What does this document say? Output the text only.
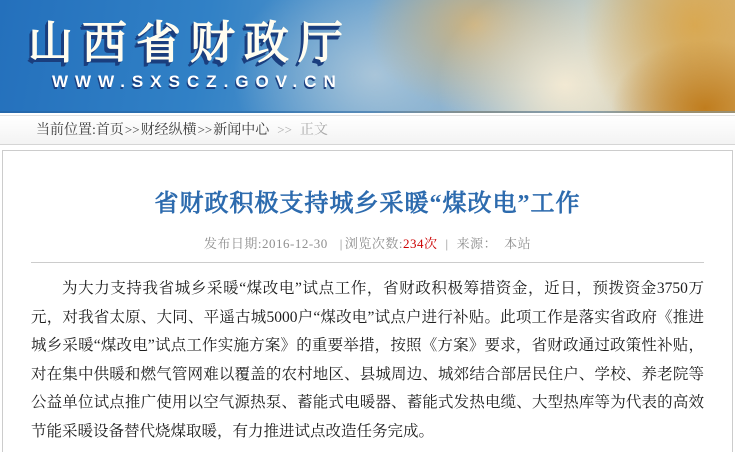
山西省财政厅
WWW.SXSCZ.GOV.CN
当前位置:首页>>财经纵横>>新闻中心 >> 正文
省财政积极支持城乡采暖“煤改电”工作
发布日期:2016-12-30 | 浏览次数:234次 | 来源： 本站

为大力支持我省城乡采暖“煤改电”试点工作，省财政积极筹措资金，近日，预拨资金3750万元，对我省太原、大同、平遥古城5000户“煤改电”试点户进行补贴。此项工作是落实省政府《推进城乡采暖“煤改电”试点工作实施方案》的重要举措，按照《方案》要求，省财政通过政策性补贴，对在集中供暖和燃气管网难以覆盖的农村地区、县城周边、城郊结合部居民住户、学校、养老院等公益单位试点推广使用以空气源热泵、蓄能式电暖器、蓄能式发热电缆、大型热库等为代表的高效节能采暖设备替代烧煤取暖，有力推进试点改造任务完成。
